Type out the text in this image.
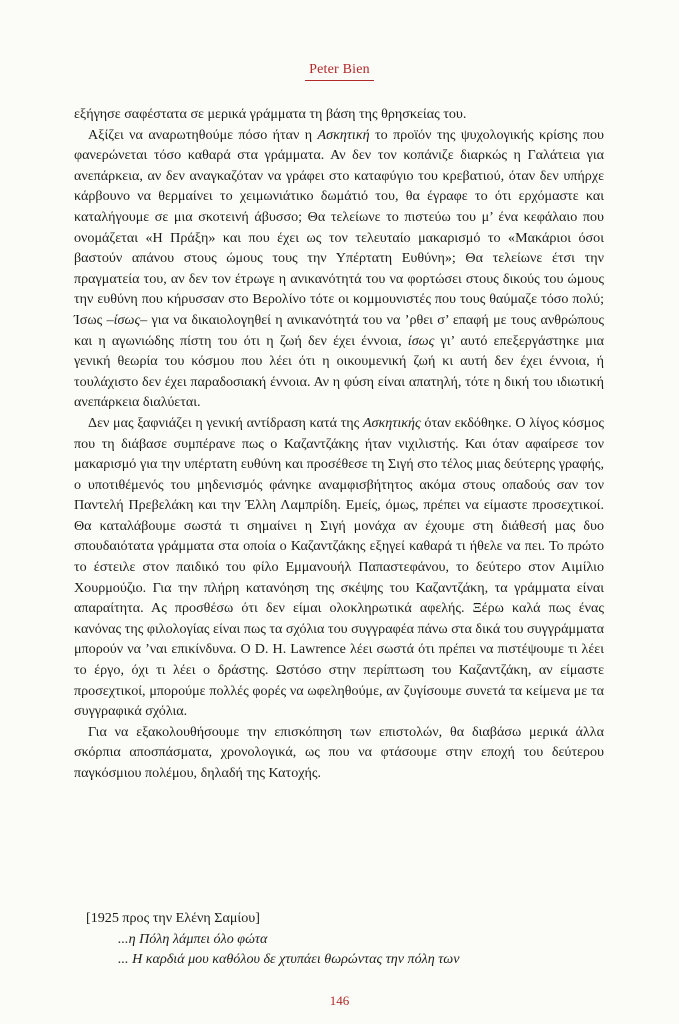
Peter Bien

εξήγησε σαφέστατα σε μερικά γράμματα τη βάση της θρησκείας του.

Αξίζει να αναρωτηθούμε πόσο ήταν η Ασκητική το προϊόν της ψυχολογικής κρίσης που φανερώνεται τόσο καθαρά στα γράμματα. Αν δεν τον κοπάνιζε διαρκώς η Γαλάτεια για ανεπάρκεια, αν δεν αναγκαζόταν να γράφει στο καταφύγιο του κρεβατιού, όταν δεν υπήρχε κάρβουνο να θερμαίνει το χειμωνιάτικο δωμάτιό του, θα έγραφε το ότι ερχόμαστε και καταλήγουμε σε μια σκοτεινή άβυσσο; Θα τελείωνε το πιστεύω του μ’ ένα κεφάλαιο που ονομάζεται «Η Πράξη» και που έχει ως τον τελευταίο μακαρισμό το «Μακάριοι όσοι βαστούν απάνου στους ώμους τους την Υπέρτατη Ευθύνη»; Θα τελείωνε έτσι την πραγματεία του, αν δεν τον έτρωγε η ανικανότητά του να φορτώσει στους δικούς του ώμους την ευθύνη που κήρυσσαν στο Βερολίνο τότε οι κομμουνιστές που τους θαύμαζε τόσο πολύ; Ίσως –ίσως– για να δικαιολογηθεί η ανικανότητά του να ’ρθει σ’ επαφή με τους ανθρώπους και η αγωνιώδης πίστη του ότι η ζωή δεν έχει έννοια, ίσως γι’ αυτό επεξεργάστηκε μια γενική θεωρία του κόσμου που λέει ότι η οικουμενική ζωή κι αυτή δεν έχει έννοια, ή τουλάχιστο δεν έχει παραδοσιακή έννοια. Αν η φύση είναι απατηλή, τότε η δική του ιδιωτική ανεπάρκεια διαλύεται.

Δεν μας ξαφνιάζει η γενική αντίδραση κατά της Ασκητικής όταν εκδόθηκε. Ο λίγος κόσμος που τη διάβασε συμπέρανε πως ο Καζαντζάκης ήταν νιχιλιστής. Και όταν αφαίρεσε τον μακαρισμό για την υπέρτατη ευθύνη και προσέθεσε τη Σιγή στο τέλος μιας δεύτερης γραφής, ο υποτιθέμενός του μηδενισμός φάνηκε αναμφισβήτητος ακόμα στους οπαδούς σαν τον Παντελή Πρεβελάκη και την Έλλη Λαμπρίδη. Εμείς, όμως, πρέπει να είμαστε προσεχτικοί. Θα καταλάβουμε σωστά τι σημαίνει η Σιγή μονάχα αν έχουμε στη διάθεσή μας δυο σπουδαιότατα γράμματα στα οποία ο Καζαντζάκης εξηγεί καθαρά τι ήθελε να πει. Το πρώτο το έστειλε στον παιδικό του φίλο Εμμανουήλ Παπαστεφάνου, το δεύτερο στον Αιμίλιο Χουρμούζιο. Για την πλήρη κατανόηση της σκέψης του Καζαντζάκη, τα γράμματα είναι απαραίτητα. Ας προσθέσω ότι δεν είμαι ολοκληρωτικά αφελής. Ξέρω καλά πως ένας κανόνας της φιλολογίας είναι πως τα σχόλια του συγγραφέα πάνω στα δικά του συγγράμματα μπορούν να ’ναι επικίνδυνα. Ο D. H. Lawrence λέει σωστά ότι πρέπει να πιστέψουμε τι λέει το έργο, όχι τι λέει ο δράστης. Ωστόσο στην περίπτωση του Καζαντζάκη, αν είμαστε προσεχτικοί, μπορούμε πολλές φορές να ωφεληθούμε, αν ζυγίσουμε συνετά τα κείμενα με τα συγγραφικά σχόλια.

Για να εξακολουθήσουμε την επισκόπηση των επιστολών, θα διαβάσω μερικά άλλα σκόρπια αποσπάσματα, χρονολογικά, ως που να φτάσουμε στην εποχή του δεύτερου παγκόσμιου πολέμου, δηλαδή της Κατοχής.

[1925 προς την Ελένη Σαμίου]
...η Πόλη λάμπει όλο φώτα
... Η καρδιά μου καθόλου δε χτυπάει θωρώντας την πόλη των
146
